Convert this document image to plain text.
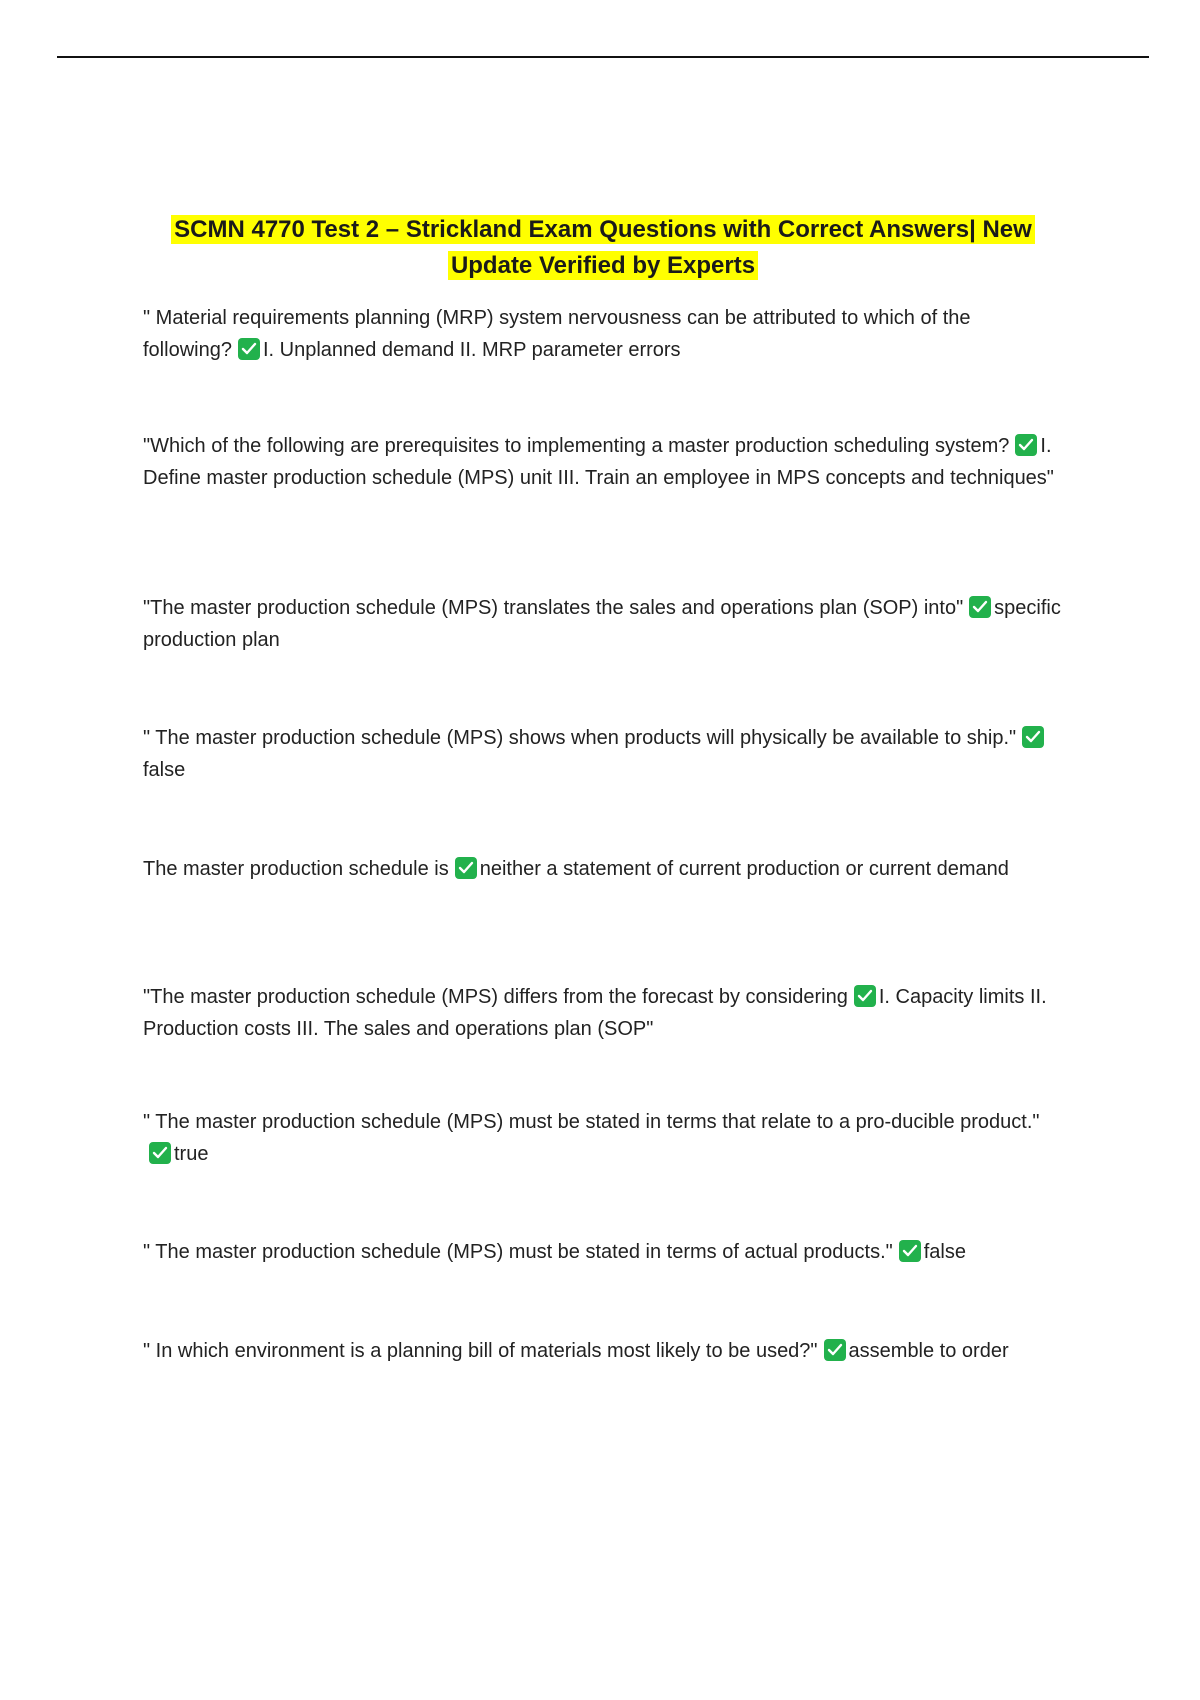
SCMN 4770 Test 2 – Strickland Exam Questions with Correct Answers| New Update Verified by Experts
" Material requirements planning (MRP) system nervousness can be attributed to which of the following? I. Unplanned demand II. MRP parameter errors
"Which of the following are prerequisites to implementing a master production scheduling system? I. Define master production schedule (MPS) unit III. Train an employee in MPS concepts and techniques"
"The master production schedule (MPS) translates the sales and operations plan (SOP) into" specific production plan
" The master production schedule (MPS) shows when products will physically be available to ship."
false
The master production schedule is neither a statement of current production or current demand
"The master production schedule (MPS) differs from the forecast by considering I. Capacity limits II. Production costs III. The sales and operations plan (SOP"
" The master production schedule (MPS) must be stated in terms that relate to a pro-ducible product."
true
" The master production schedule (MPS) must be stated in terms of actual products." false
" In which environment is a planning bill of materials most likely to be used?" assemble to order
